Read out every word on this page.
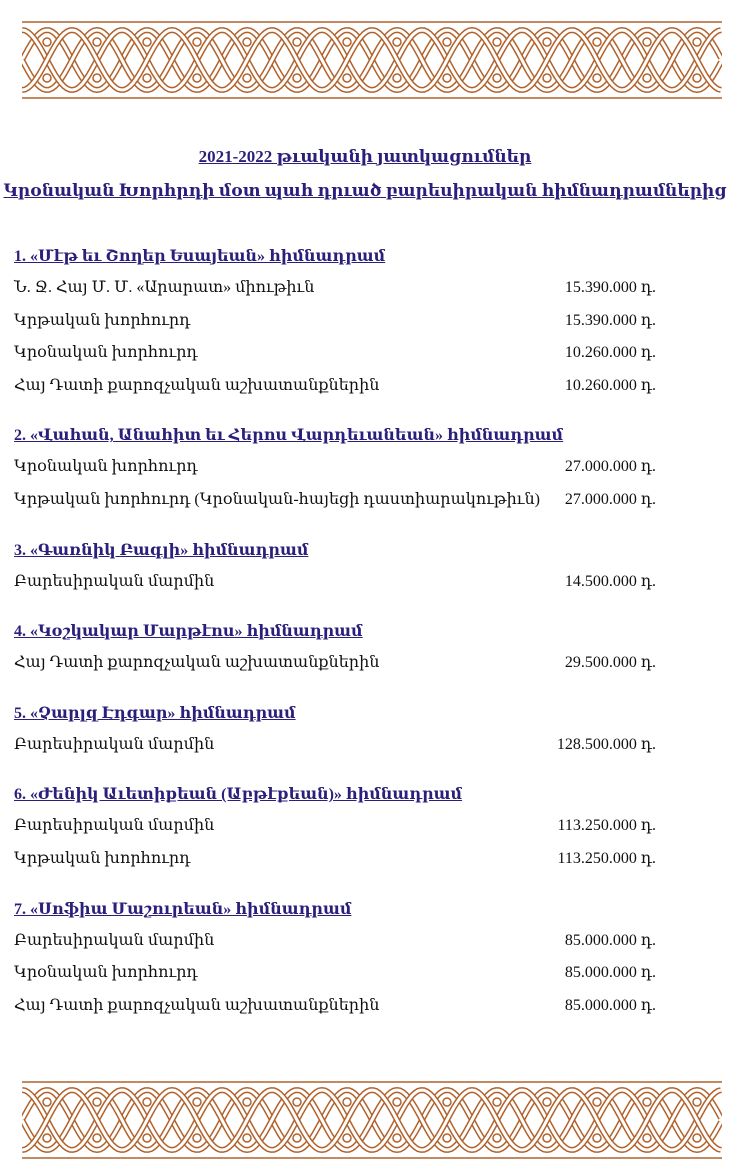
2021-2022 թւականի յատկացումներ
Կրօնական Խորհրդի մօտ պահ դրւած բարեսիրական հիմնադրամներից
1. «Մէթ եւ Շողեր Եսայեան» հիմնադրամ
Ն. Ջ. Հայ Մ. Մ. «Արարատ» միութիւն	15.390.000 դ.
Կրթական խորհուրդ	15.390.000 դ.
Կրօնական խորհուրդ	10.260.000 դ.
Հայ Դատի քարոզչական աշխատանքներին	10.260.000 դ.
2. «Վահան, Անահիտ եւ Հերոս Վարդեւանեան» հիմնադրամ
Կրօնական խորհուրդ	27.000.000 դ.
Կրթական խորհուրդ (Կրօնական-հայեցի դաստիարակութիւն) 27.000.000 դ.
3. «Գառնիկ Բագլի» հիմնադրամ
Բարեսիրական մարմին	14.500.000 դ.
4. «Կօշկակար Մարթէոս» հիմնադրամ
Հայ Դատի քարոզչական աշխատանքներին	29.500.000 դ.
5. «Չարլզ Էդգար» հիմնադրամ
Բարեսիրական մարմին	128.500.000 դ.
6. «Ժենիկ Աւետիքեան (Աբթէքեան)» հիմնադրամ
Բարեսիրական մարմին	113.250.000 դ.
Կրթական խորհուրդ	113.250.000 դ.
7. «Սոֆիա Մաշուրեան» հիմնադրամ
Բարեսիրական մարմին	85.000.000 դ.
Կրօնական խորհուրդ	85.000.000 դ.
Հայ Դատի քարոզչական աշխատանքներին	85.000.000 դ.
